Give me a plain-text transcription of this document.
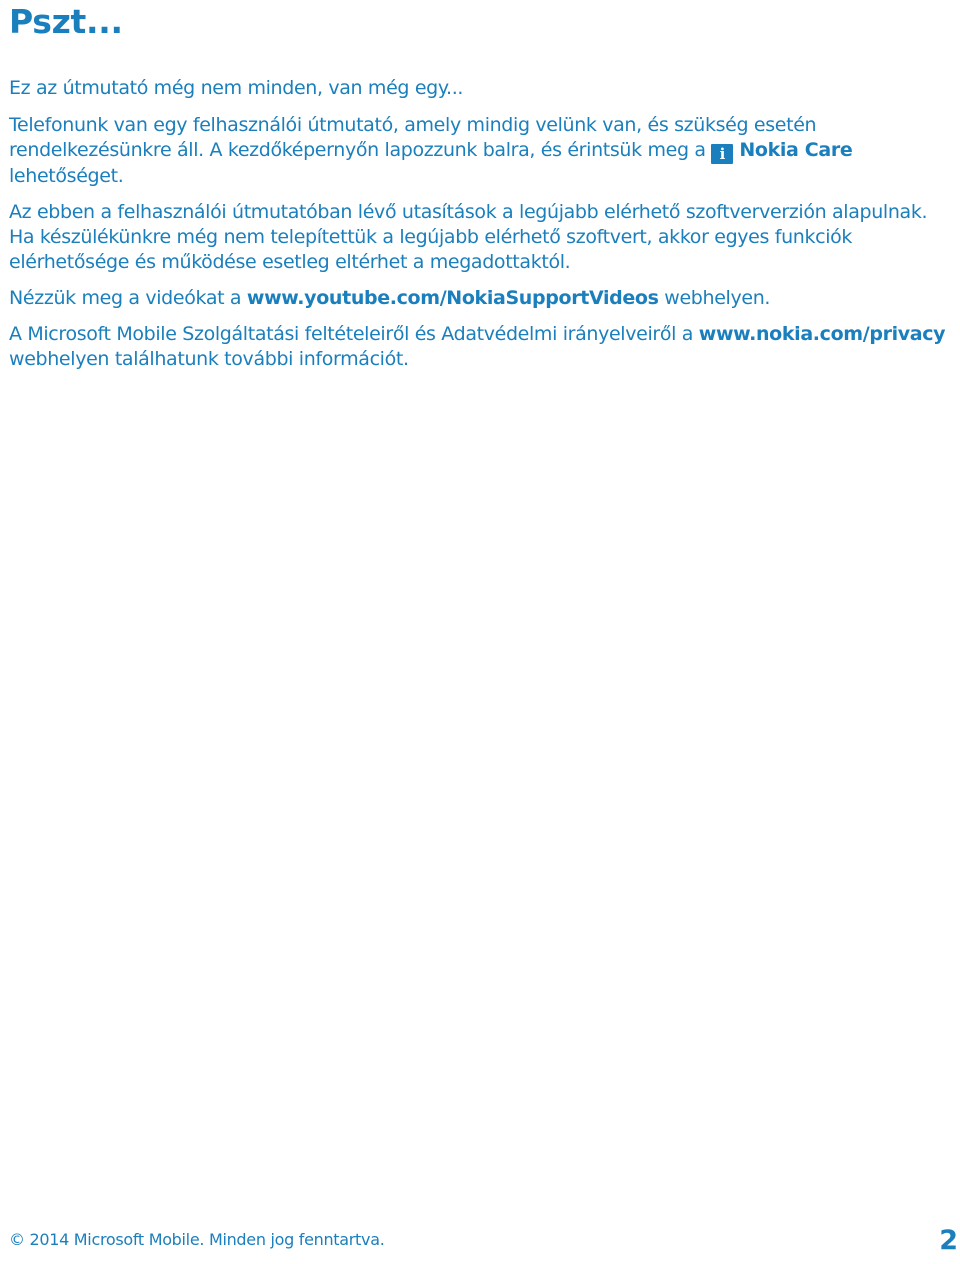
Pszt...

Ez az útmutató még nem minden, van még egy...

Telefonunk van egy felhasználói útmutató, amely mindig velünk van, és szükség esetén rendelkezésünkre áll. A kezdőképernyőn lapozzunk balra, és érintsük meg a i Nokia Care lehetőséget.

Az ebben a felhasználói útmutatóban lévő utasítások a legújabb elérhető szoftververzión alapulnak. Ha készülékünkre még nem telepítettük a legújabb elérhető szoftvert, akkor egyes funkciók elérhetősége és működése esetleg eltérhet a megadottaktól.

Nézzük meg a videókat a www.youtube.com/NokiaSupportVideos webhelyen.

A Microsoft Mobile Szolgáltatási feltételeiről és Adatvédelmi irányelveiről a www.nokia.com/privacy webhelyen találhatunk további információt.

© 2014 Microsoft Mobile. Minden jog fenntartva.	2
